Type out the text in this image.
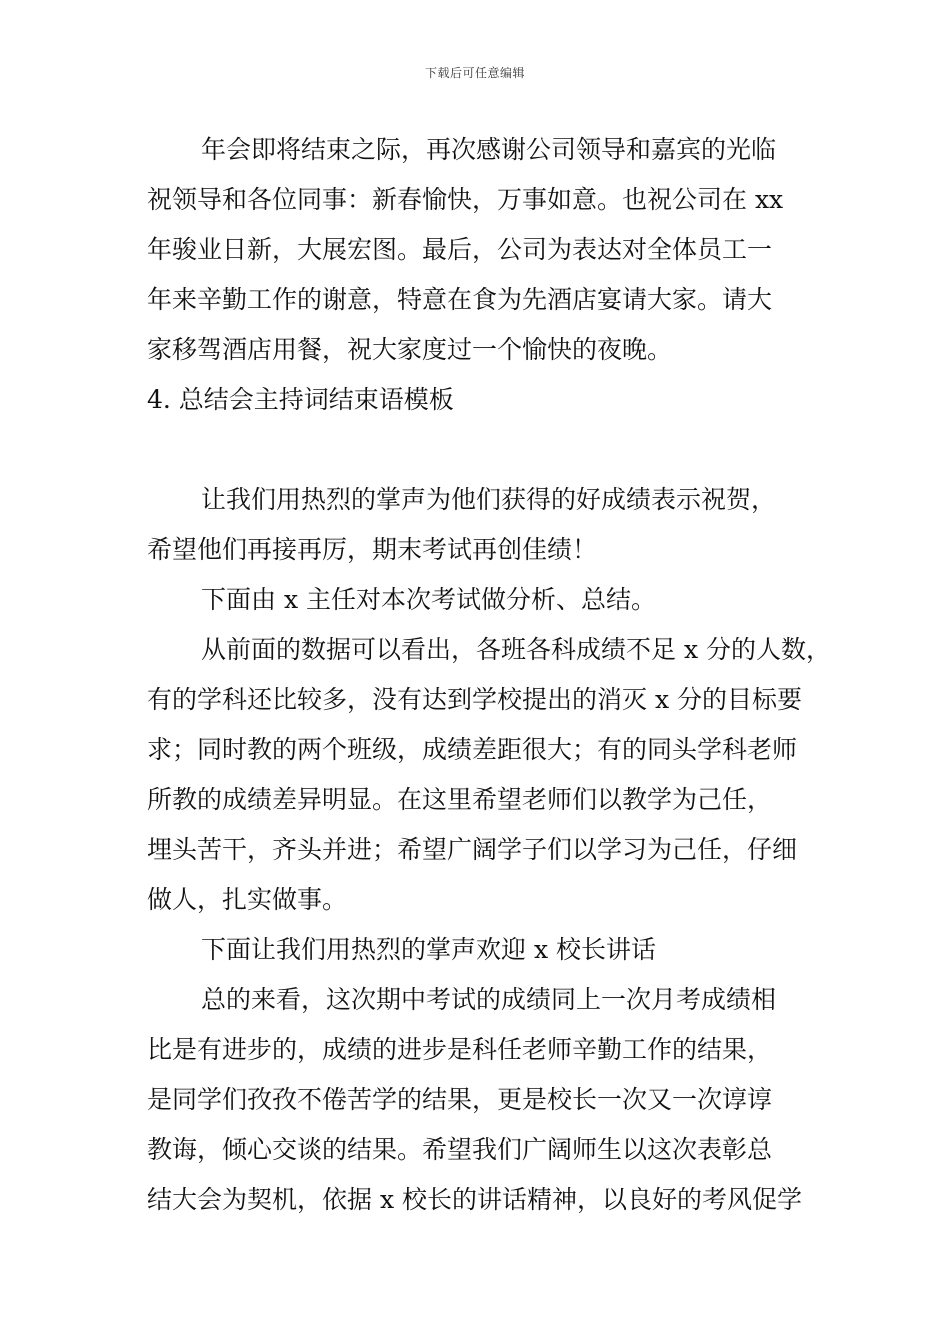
下载后可任意编辑
年会即将结束之际，再次感谢公司领导和嘉宾的光临
祝领导和各位同事：新春愉快，万事如意。也祝公司在 xx
年骏业日新，大展宏图。最后，公司为表达对全体员工一
年来辛勤工作的谢意，特意在食为先酒店宴请大家。请大
家移驾酒店用餐，祝大家度过一个愉快的夜晚。
4. 总结会主持词结束语模板
让我们用热烈的掌声为他们获得的好成绩表示祝贺，
希望他们再接再厉，期末考试再创佳绩！
下面由 x 主任对本次考试做分析、总结。
从前面的数据可以看出，各班各科成绩不足 x 分的人数，
有的学科还比较多，没有达到学校提出的消灭 x 分的目标要
求；同时教的两个班级，成绩差距很大；有的同头学科老师
所教的成绩差异明显。在这里希望老师们以教学为己任，
埋头苦干，齐头并进；希望广阔学子们以学习为己任，仔细
做人，扎实做事。
下面让我们用热烈的掌声欢迎 x 校长讲话
总的来看，这次期中考试的成绩同上一次月考成绩相
比是有进步的，成绩的进步是科任老师辛勤工作的结果，
是同学们孜孜不倦苦学的结果，更是校长一次又一次谆谆
教诲，倾心交谈的结果。希望我们广阔师生以这次表彰总
结大会为契机，依据 x 校长的讲话精神，以良好的考风促学
